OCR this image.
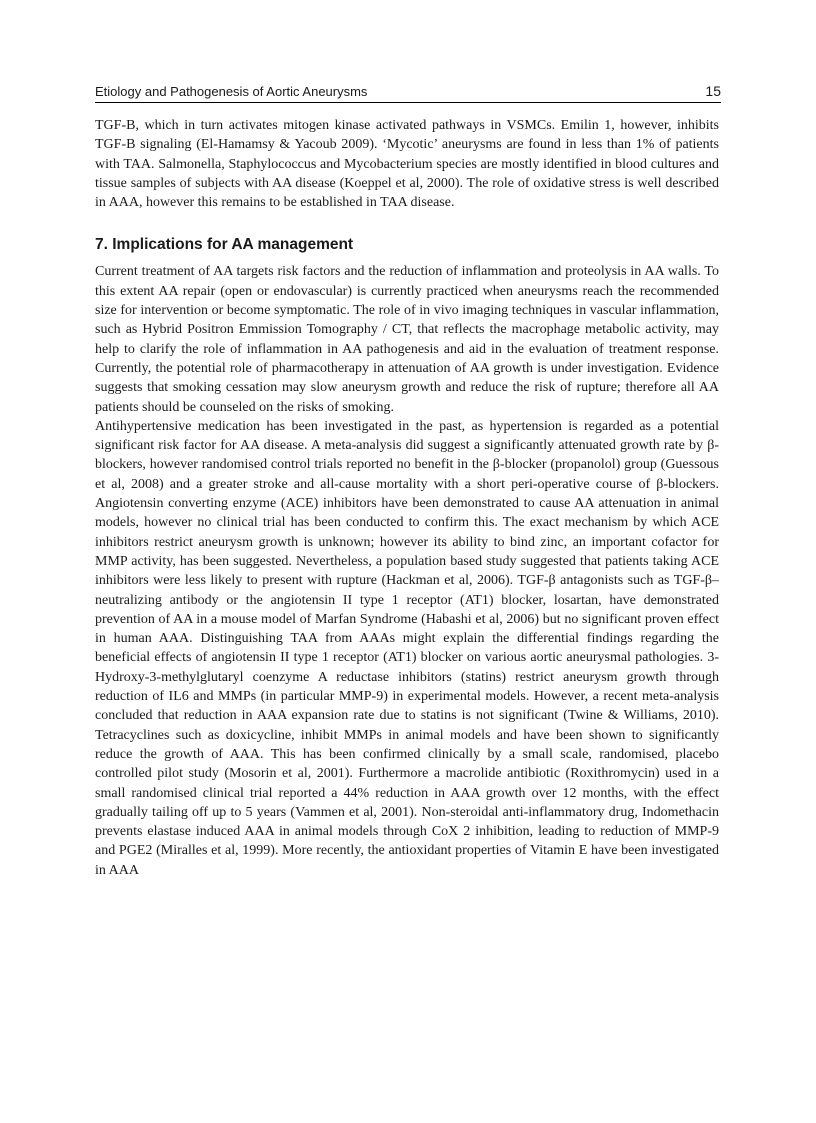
Etiology and Pathogenesis of Aortic Aneurysms	15

TGF-B, which in turn activates mitogen kinase activated pathways in VSMCs. Emilin 1, however, inhibits TGF-B signaling (El-Hamamsy & Yacoub 2009). ‘Mycotic’ aneurysms are found in less than 1% of patients with TAA. Salmonella, Staphylococcus and Mycobacterium species are mostly identified in blood cultures and tissue samples of subjects with AA disease (Koeppel et al, 2000). The role of oxidative stress is well described in AAA, however this remains to be established in TAA disease.

7. Implications for AA management

Current treatment of AA targets risk factors and the reduction of inflammation and proteolysis in AA walls. To this extent AA repair (open or endovascular) is currently practiced when aneurysms reach the recommended size for intervention or become symptomatic. The role of in vivo imaging techniques in vascular inflammation, such as Hybrid Positron Emmission Tomography / CT, that reflects the macrophage metabolic activity, may help to clarify the role of inflammation in AA pathogenesis and aid in the evaluation of treatment response. Currently, the potential role of pharmacotherapy in attenuation of AA growth is under investigation. Evidence suggests that smoking cessation may slow aneurysm growth and reduce the risk of rupture; therefore all AA patients should be counseled on the risks of smoking.

Antihypertensive medication has been investigated in the past, as hypertension is regarded as a potential significant risk factor for AA disease. A meta-analysis did suggest a significantly attenuated growth rate by β-blockers, however randomised control trials reported no benefit in the β-blocker (propanolol) group (Guessous et al, 2008) and a greater stroke and all-cause mortality with a short peri-operative course of β-blockers. Angiotensin converting enzyme (ACE) inhibitors have been demonstrated to cause AA attenuation in animal models, however no clinical trial has been conducted to confirm this. The exact mechanism by which ACE inhibitors restrict aneurysm growth is unknown; however its ability to bind zinc, an important cofactor for MMP activity, has been suggested. Nevertheless, a population based study suggested that patients taking ACE inhibitors were less likely to present with rupture (Hackman et al, 2006). TGF-β antagonists such as TGF-β–neutralizing antibody or the angiotensin II type 1 receptor (AT1) blocker, losartan, have demonstrated prevention of AA in a mouse model of Marfan Syndrome (Habashi et al, 2006) but no significant proven effect in human AAA. Distinguishing TAA from AAAs might explain the differential findings regarding the beneficial effects of angiotensin II type 1 receptor (AT1) blocker on various aortic aneurysmal pathologies. 3-Hydroxy-3-methylglutaryl coenzyme A reductase inhibitors (statins) restrict aneurysm growth through reduction of IL6 and MMPs (in particular MMP-9) in experimental models. However, a recent meta-analysis concluded that reduction in AAA expansion rate due to statins is not significant (Twine & Williams, 2010). Tetracyclines such as doxicycline, inhibit MMPs in animal models and have been shown to significantly reduce the growth of AAA. This has been confirmed clinically by a small scale, randomised, placebo controlled pilot study (Mosorin et al, 2001). Furthermore a macrolide antibiotic (Roxithromycin) used in a small randomised clinical trial reported a 44% reduction in AAA growth over 12 months, with the effect gradually tailing off up to 5 years (Vammen et al, 2001). Non-steroidal anti-inflammatory drug, Indomethacin prevents elastase induced AAA in animal models through CoX 2 inhibition, leading to reduction of MMP-9 and PGE2 (Miralles et al, 1999). More recently, the antioxidant properties of Vitamin E have been investigated in AAA
